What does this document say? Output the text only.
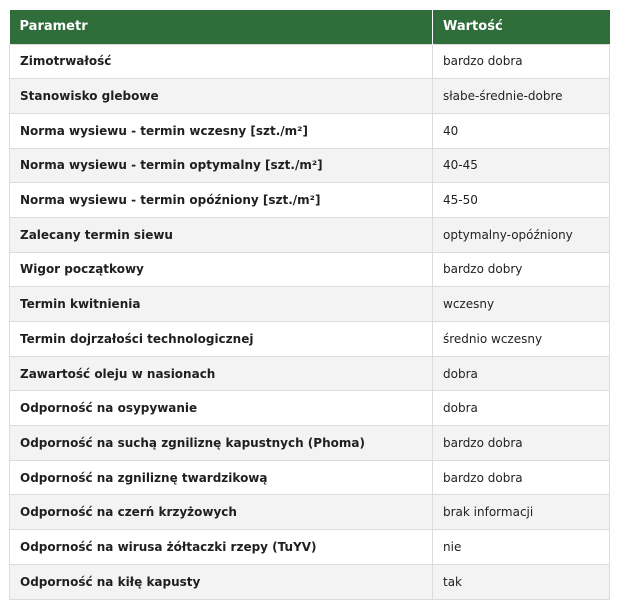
Parametr	Wartość
Zimotrwałość	bardzo dobra
Stanowisko glebowe	słabe-średnie-dobre
Norma wysiewu - termin wczesny [szt./m²]	40
Norma wysiewu - termin optymalny [szt./m²]	40-45
Norma wysiewu - termin opóźniony [szt./m²]	45-50
Zalecany termin siewu	optymalny-opóźniony
Wigor początkowy	bardzo dobry
Termin kwitnienia	wczesny
Termin dojrzałości technologicznej	średnio wczesny
Zawartość oleju w nasionach	dobra
Odporność na osypywanie	dobra
Odporność na suchą zgniliznę kapustnych (Phoma)	bardzo dobra
Odporność na zgniliznę twardzikową	bardzo dobra
Odporność na czerń krzyżowych	brak informacji
Odporność na wirusa żółtaczki rzepy (TuYV)	nie
Odporność na kiłę kapusty	tak
